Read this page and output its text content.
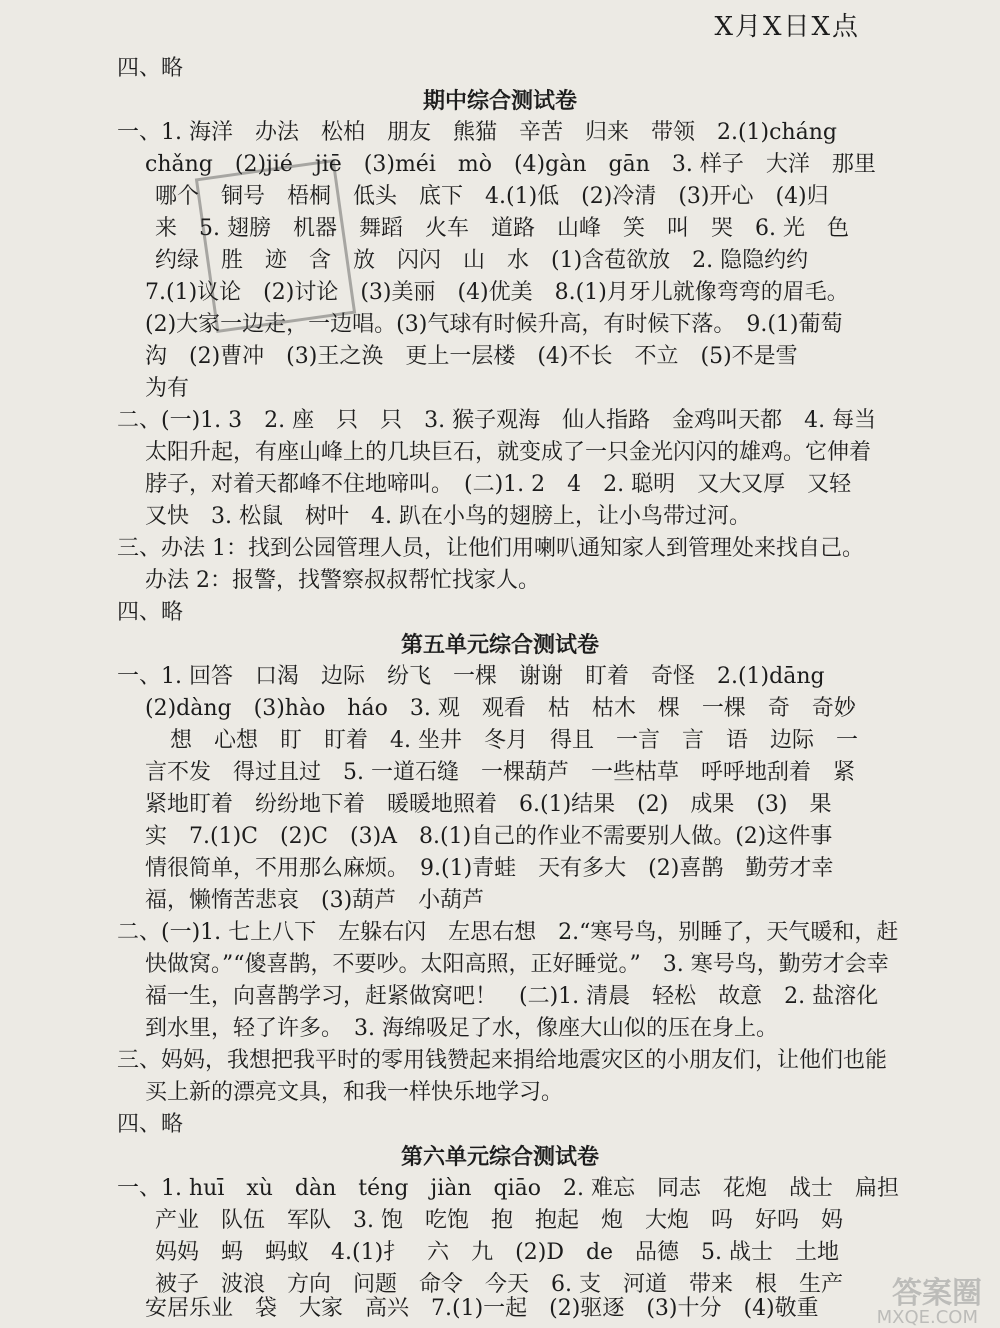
X月X日X点
四、略
期中综合测试卷
一、1. 海洋　办法　松柏　朋友　熊猫　辛苦　归来　带领　2.(1)cháng
chǎng　(2)jié　jiē　(3)méi　mò　(4)gàn　gān　3. 样子　大洋　那里
哪个　铜号　梧桐　低头　底下　4.(1)低　(2)冷清　(3)开心　(4)归
来　5. 翅膀　机器　舞蹈　火车　道路　山峰　笑　叫　哭　6. 光　色
约绿　胜　迹　含　放　闪闪　山　水　(1)含苞欲放　2. 隐隐约约
7.(1)议论　(2)讨论　(3)美丽　(4)优美　8.(1)月牙儿就像弯弯的眉毛。
(2)大家一边走，一边唱。(3)气球有时候升高，有时候下落。　9.(1)葡萄
沟　(2)曹冲　(3)王之涣　更上一层楼　(4)不长　不立　(5)不是雪
为有
二、(一)1. 3　2. 座　只　只　3. 猴子观海　仙人指路　金鸡叫天都　4. 每当
太阳升起，有座山峰上的几块巨石，就变成了一只金光闪闪的雄鸡。它伸着
脖子，对着天都峰不住地啼叫。　(二)1. 2　4　2. 聪明　又大又厚　又轻
又快　3. 松鼠　树叶　4. 趴在小鸟的翅膀上，让小鸟带过河。
三、办法 1：找到公园管理人员，让他们用喇叭通知家人到管理处来找自己。
办法 2：报警，找警察叔叔帮忙找家人。
四、略
第五单元综合测试卷
一、1. 回答　口渴　边际　纷飞　一棵　谢谢　盯着　奇怪　2.(1)dāng
(2)dàng　(3)hào　háo　3. 观　观看　枯　枯木　棵　一棵　奇　奇妙
想　心想　盯　盯着　4. 坐井　冬月　得且　一言　言　语　边际　一
言不发　得过且过　5. 一道石缝　一棵葫芦　一些枯草　呼呼地刮着　紧
紧地盯着　纷纷地下着　暖暖地照着　6.(1)结果　(2)　成果　(3)　果
实　7.(1)C　(2)C　(3)A　8.(1)自己的作业不需要别人做。(2)这件事
情很简单，不用那么麻烦。　9.(1)青蛙　天有多大　(2)喜鹊　勤劳才幸
福，懒惰苦悲哀　(3)葫芦　小葫芦
二、(一)1. 七上八下　左躲右闪　左思右想　2.“寒号鸟，别睡了，天气暖和，赶
快做窝。”“傻喜鹊，不要吵。太阳高照，正好睡觉。”　3. 寒号鸟，勤劳才会幸
福一生，向喜鹊学习，赶紧做窝吧！　(二)1. 清晨　轻松　故意　2. 盐溶化
到水里，轻了许多。　3. 海绵吸足了水，像座大山似的压在身上。
三、妈妈，我想把我平时的零用钱赞起来捐给地震灾区的小朋友们，让他们也能
买上新的漂亮文具，和我一样快乐地学习。
四、略
第六单元综合测试卷
一、1. huī　xù　dàn　téng　jiàn　qiāo　2. 难忘　同志　花炮　战士　扁担
产业　队伍　军队　3. 饱　吃饱　抱　抱起　炮　大炮　吗　好吗　妈
妈妈　蚂　蚂蚁　4.(1)扌　六　九　(2)D　de　品德　5. 战士　土地
被子　波浪　方向　问题　命令　今天　6. 支　河道　带来　根　生产
安居乐业　袋　大家　高兴　7.(1)一起　(2)驱逐　(3)十分　(4)敬重	答案圈
MXQE.COM
